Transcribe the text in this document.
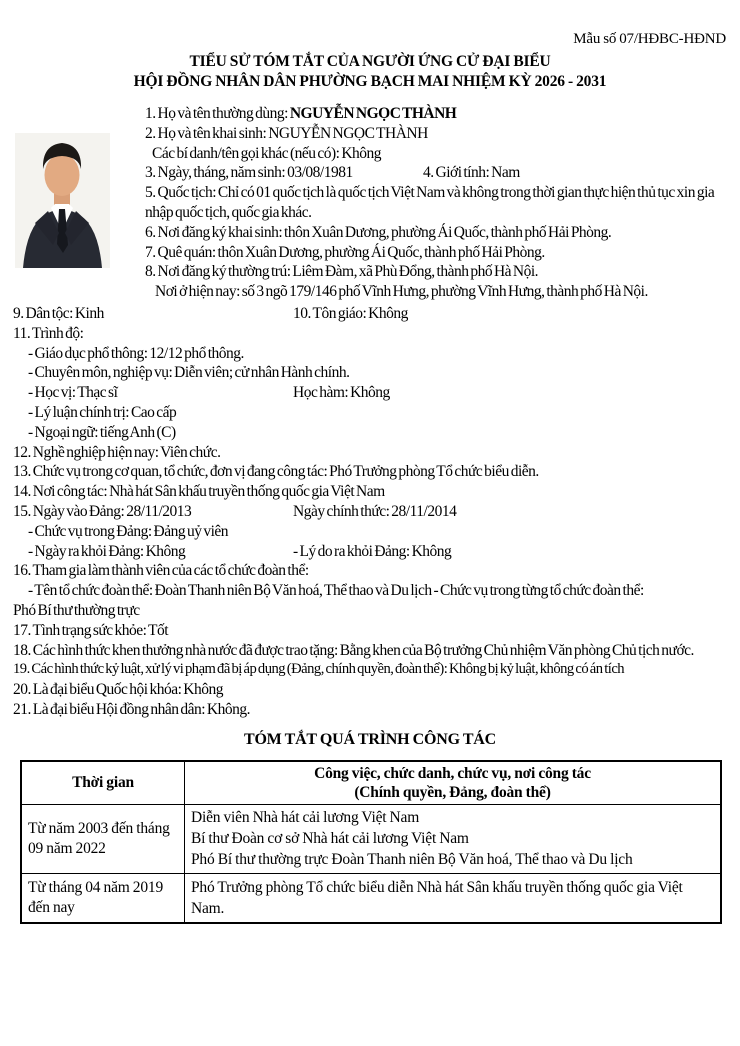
Mẫu số 07/HĐBC-HĐND
TIỂU SỬ TÓM TẮT CỦA NGƯỜI ỨNG CỬ ĐẠI BIỂU
HỘI ĐỒNG NHÂN DÂN PHƯỜNG BẠCH MAI NHIỆM KỲ 2026 - 2031
1. Họ và tên thường dùng: NGUYỄN NGỌC THÀNH
2. Họ và tên khai sinh: NGUYỄN NGỌC THÀNH
Các bí danh/tên gọi khác (nếu có): Không
3. Ngày, tháng, năm sinh: 03/08/1981	4. Giới tính: Nam
5. Quốc tịch: Chỉ có 01 quốc tịch là quốc tịch Việt Nam và không trong thời gian thực hiện thủ tục xin gia nhập quốc tịch, quốc gia khác.
6. Nơi đăng ký khai sinh: thôn Xuân Dương, phường Ái Quốc, thành phố Hải Phòng.
7. Quê quán: thôn Xuân Dương, phường Ái Quốc, thành phố Hải Phòng.
8. Nơi đăng ký thường trú: Liêm Đàm, xã Phù Đổng, thành phố Hà Nội.
Nơi ở hiện nay: số 3 ngõ 179/146 phố Vĩnh Hưng, phường Vĩnh Hưng, thành phố Hà Nội.
9. Dân tộc: Kinh	10. Tôn giáo: Không
11. Trình độ:
- Giáo dục phổ thông: 12/12 phổ thông.
- Chuyên môn, nghiệp vụ: Diễn viên; cử nhân Hành chính.
- Học vị: Thạc sĩ	Học hàm: Không
- Lý luận chính trị: Cao cấp
- Ngoại ngữ: tiếng Anh (C)
12. Nghề nghiệp hiện nay: Viên chức.
13. Chức vụ trong cơ quan, tổ chức, đơn vị đang công tác: Phó Trưởng phòng Tổ chức biểu diễn.
14. Nơi công tác: Nhà hát Sân khấu truyền thống quốc gia Việt Nam
15. Ngày vào Đảng: 28/11/2013	Ngày chính thức: 28/11/2014
- Chức vụ trong Đảng: Đảng uỷ viên
- Ngày ra khỏi Đảng: Không	- Lý do ra khỏi Đảng: Không
16. Tham gia làm thành viên của các tổ chức đoàn thể:
- Tên tổ chức đoàn thể: Đoàn Thanh niên Bộ Văn hoá, Thể thao và Du lịch - Chức vụ trong từng tổ chức đoàn thể:
Phó Bí thư thường trực
17. Tình trạng sức khỏe: Tốt
18. Các hình thức khen thưởng nhà nước đã được trao tặng: Bằng khen của Bộ trưởng Chủ nhiệm Văn phòng Chủ tịch nước.
19. Các hình thức kỷ luật, xử lý vi phạm đã bị áp dụng (Đảng, chính quyền, đoàn thể): Không bị kỷ luật, không có án tích
20. Là đại biểu Quốc hội khóa: Không
21. Là đại biểu Hội đồng nhân dân: Không.
TÓM TẮT QUÁ TRÌNH CÔNG TÁC
Thời gian	Công việc, chức danh, chức vụ, nơi công tác
(Chính quyền, Đảng, đoàn thể)

Từ năm 2003 đến tháng 09 năm 2022	Diễn viên Nhà hát cải lương Việt Nam
Bí thư Đoàn cơ sở Nhà hát cải lương Việt Nam
Phó Bí thư thường trực Đoàn Thanh niên Bộ Văn hoá, Thể thao và Du lịch

Từ tháng 04 năm 2019 đến nay	Phó Trưởng phòng Tổ chức biểu diễn Nhà hát Sân khấu truyền thống quốc gia Việt Nam.
